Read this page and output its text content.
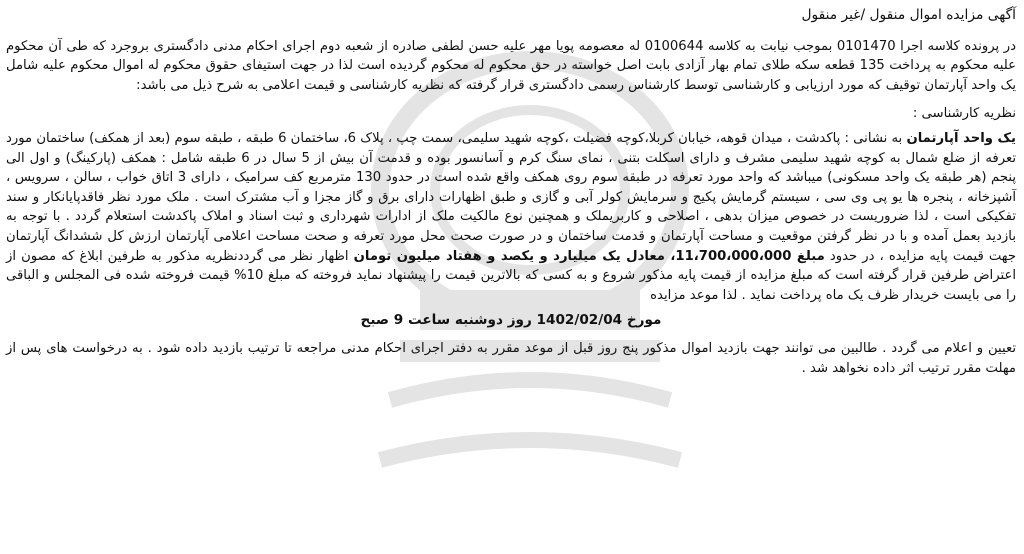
آگهی مزایده اموال منقول /غیر منقول

در پرونده کلاسه اجرا 0101470 بموجب نیابت به کلاسه 0100644 له معصومه پویا مهر علیه حسن لطفی صادره از شعبه دوم اجرای احکام مدنی دادگستری بروجرد که طی آن محکوم علیه محکوم به پرداخت 135 قطعه سکه طلای تمام بهار آزادی بابت اصل خواسته در حق محکوم له محکوم گردیده است لذا در جهت استیفای حقوق محکوم له اموال محکوم علیه شامل یک واحد آپارتمان توقیف که مورد ارزیابی و کارشناسی توسط کارشناس رسمی دادگستری قرار گرفته که نظریه کارشناسی و قیمت اعلامی به شرح ذیل می باشد:

نظریه کارشناسی :

یک واحد آپارتمان به نشانی : پاکدشت ، میدان قوهه، خیابان کربلا،کوچه فضیلت ،کوچه شهید سلیمی، سمت چپ ، پلاک 6، ساختمان 6 طبقه ، طبقه سوم (بعد از همکف) ساختمان مورد تعرفه از ضلع شمال به کوچه شهید سلیمی مشرف و دارای اسکلت بتنی ، نمای سنگ کرم و آسانسور بوده و قدمت آن بیش از 5 سال در 6 طبقه شامل : همکف (پارکینگ) و اول الی پنجم (هر طبقه یک واحد مسکونی) میباشد که واحد مورد تعرفه در طبقه سوم روی همکف واقع شده است در حدود 130 مترمربع کف سرامیک ، دارای 3 اتاق خواب ، سالن ، سرویس ، آشپزخانه ، پنجره ها یو پی وی سی ، سیستم گرمایش پکیج و سرمایش کولر آبی و گازی و طبق اظهارات دارای برق و گاز مجزا و آب مشترک است . ملک مورد نظر فاقدپایانکار و سند تفکیکی است ، لذا ضروریست در خصوص میزان بدهی ، اصلاحی و کاربریملک و همچنین نوع مالکیت ملک از ادارات شهرداری و ثبت اسناد و املاک پاکدشت استعلام گردد . با توجه به بازدید بعمل آمده و با در نظر گرفتن موقعیت و مساحت آپارتمان و قدمت ساختمان و در صورت صحت محل مورد تعرفه و صحت مساحت اعلامی آپارتمان ارزش کل ششدانگ آپارتمان جهت قیمت پایه مزایده ، در حدود مبلغ 11،700،000،000، معادل یک میلیارد و یکصد و هفتاد میلیون تومان اظهار نظر می گرددنظریه مذکور به طرفین ابلاغ که مصون از اعتراض طرفین قرار گرفته است که مبلغ مزایده از قیمت پایه مذکور شروع و به کسی که بالاترین قیمت را پیشنهاد نماید فروخته که مبلغ 10% قیمت فروخته شده فی المجلس و الباقی را می بایست خریدار ظرف یک ماه پرداخت نماید . لذا موعد مزایده

مورخ 1402/02/04 روز دوشنبه ساعت 9 صبح

تعیین و اعلام می گردد . طالبین می توانند جهت بازدید اموال مذکور پنج روز قبل از موعد مقرر به دفتر اجرای احکام مدنی مراجعه تا ترتیب بازدید داده شود . به درخواست های پس از مهلت مقرر ترتیب اثر داده نخواهد شد .
